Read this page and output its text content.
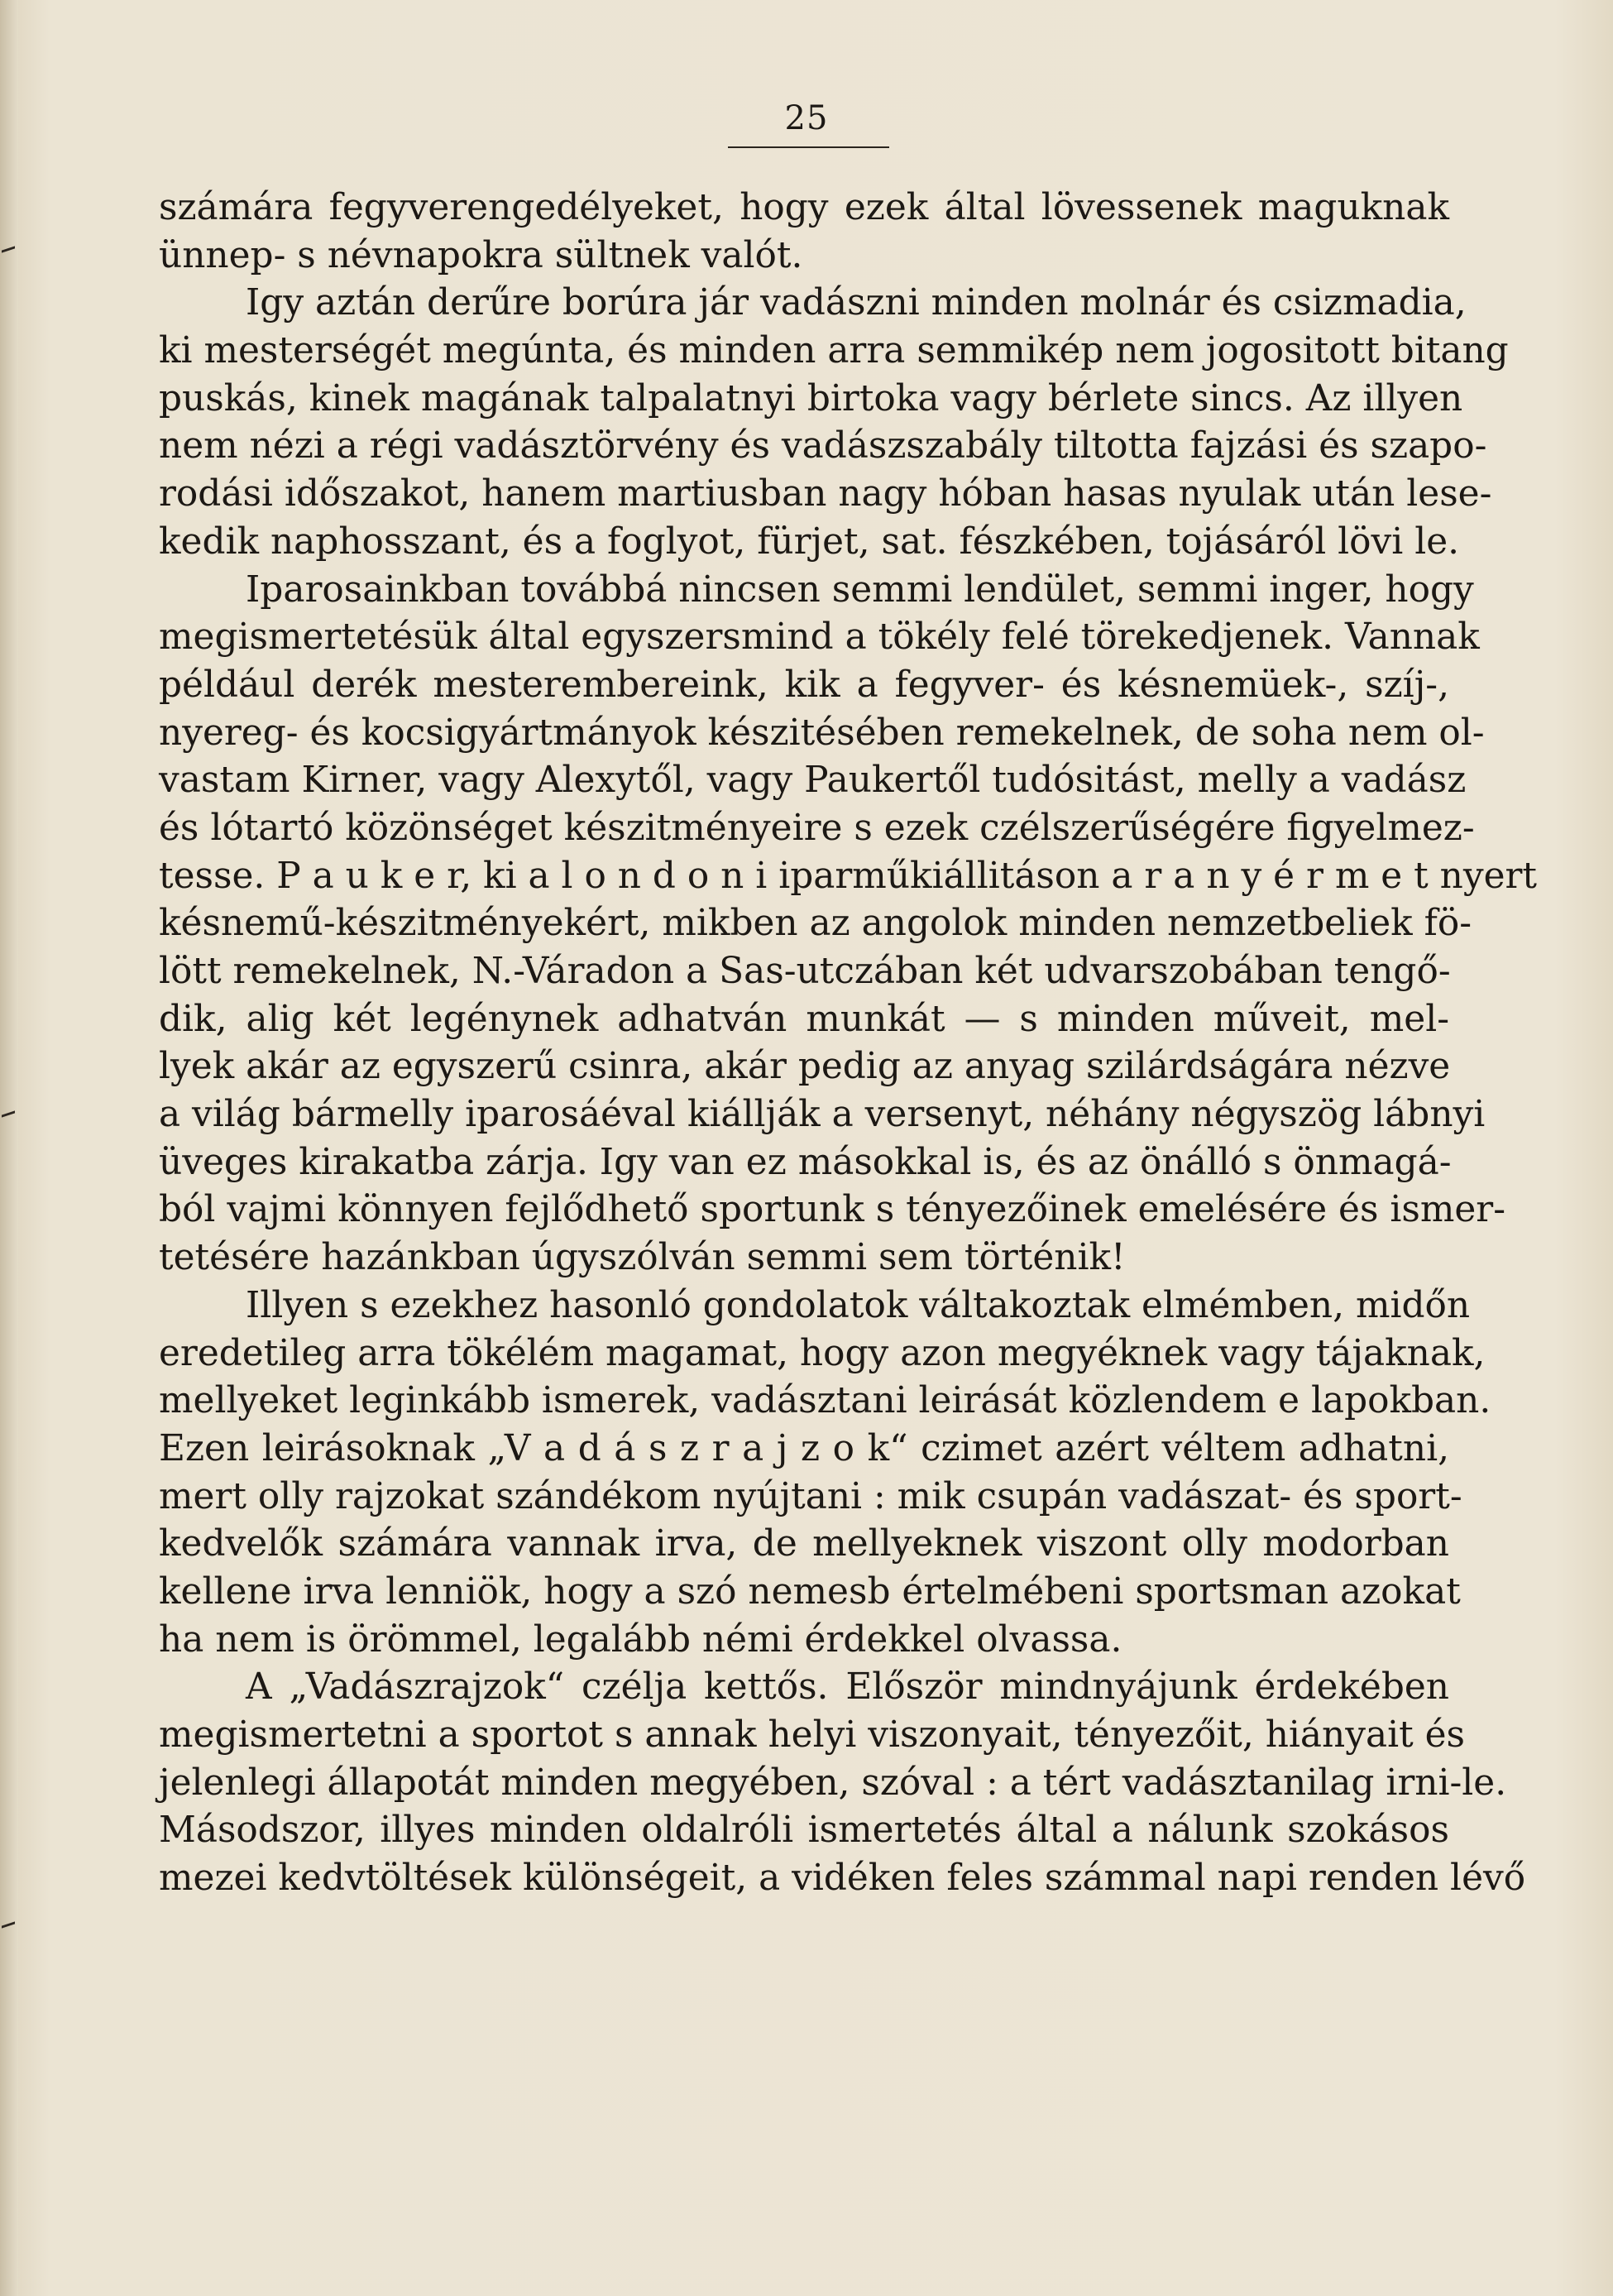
25
számára fegyverengedélyeket, hogy ezek által lövessenek maguknak
ünnep- s névnapokra sültnek valót.
Igy aztán derűre borúra jár vadászni minden molnár és csizmadia,
ki mesterségét megúnta, és minden arra semmikép nem jogositott bitang
puskás, kinek magának talpalatnyi birtoka vagy bérlete sincs. Az illyen
nem nézi a régi vadásztörvény és vadászszabály tiltotta fajzási és szapo-
rodási időszakot, hanem martiusban nagy hóban hasas nyulak után lese-
kedik naphosszant, és a foglyot, fürjet, sat. fészkében, tojásáról lövi le.
Iparosainkban továbbá nincsen semmi lendület, semmi inger, hogy
megismertetésük által egyszersmind a tökély felé törekedjenek. Vannak
például derék mesterembereink, kik a fegyver- és késnemüek-, szíj-,
nyereg- és kocsigyártmányok készitésében remekelnek, de soha nem ol-
vastam Kirner, vagy Alexytől, vagy Paukertől tudósitást, melly a vadász
és lótartó közönséget készitményeire s ezek czélszerűségére figyelmez-
tesse. P a u k e r, ki a l o n d o n i iparműkiállitáson a r a n y é r m e t nyert
késnemű-készitményekért, mikben az angolok minden nemzetbeliek fö-
lött remekelnek, N.-Váradon a Sas-utczában két udvarszobában tengő-
dik, alig két legénynek adhatván munkát — s minden műveit, mel-
lyek akár az egyszerű csinra, akár pedig az anyag szilárdságára nézve
a világ bármelly iparosáéval kiállják a versenyt, néhány négyszög lábnyi
üveges kirakatba zárja. Igy van ez másokkal is, és az önálló s önmagá-
ból vajmi könnyen fejlődhető sportunk s tényezőinek emelésére és ismer-
tetésére hazánkban úgyszólván semmi sem történik!
Illyen s ezekhez hasonló gondolatok váltakoztak elmémben, midőn
eredetileg arra tökélém magamat, hogy azon megyéknek vagy tájaknak,
mellyeket leginkább ismerek, vadásztani leirását közlendem e lapokban.
Ezen leirásoknak „V a d á s z r a j z o k“ czimet azért véltem adhatni,
mert olly rajzokat szándékom nyújtani : mik csupán vadászat- és sport-
kedvelők számára vannak irva, de mellyeknek viszont olly modorban
kellene irva lenniök, hogy a szó nemesb értelmébeni sportsman azokat
ha nem is örömmel, legalább némi érdekkel olvassa.
A „Vadászrajzok“ czélja kettős. Először mindnyájunk érdekében
megismertetni a sportot s annak helyi viszonyait, tényezőit, hiányait és
jelenlegi állapotát minden megyében, szóval : a tért vadásztanilag irni-le.
Másodszor, illyes minden oldalróli ismertetés által a nálunk szokásos
mezei kedvtöltések különségeit, a vidéken feles számmal napi renden lévő
